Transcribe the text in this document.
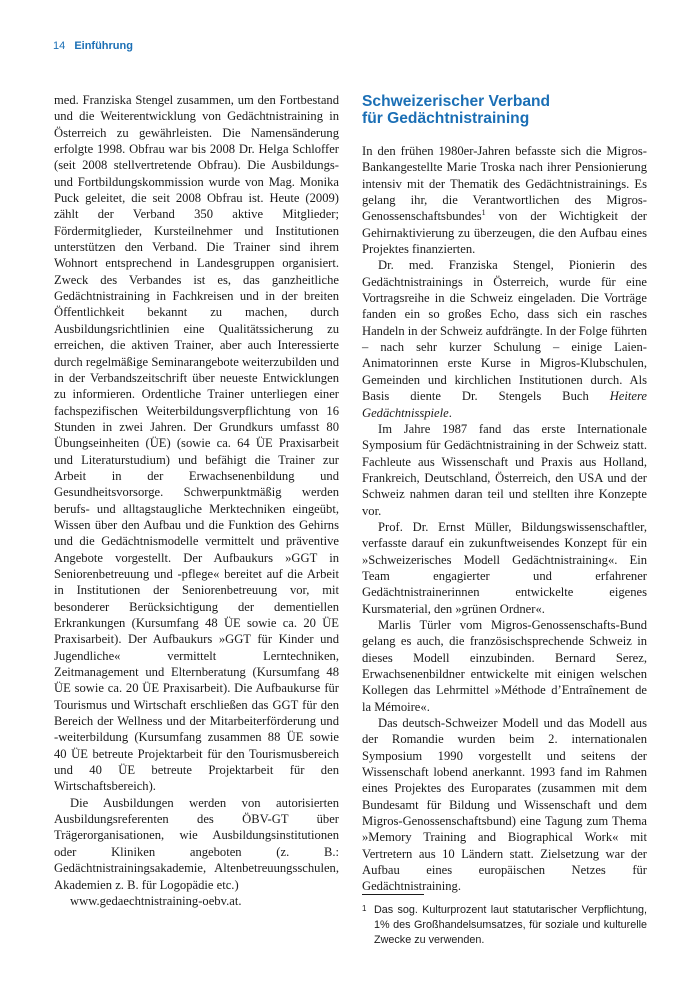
14 Einführung

med. Franziska Stengel zusammen, um den Fortbestand und die Weiterentwicklung von Gedächtnistraining in Österreich zu gewährleisten. Die Namensänderung erfolgte 1998. Obfrau war bis 2008 Dr. Helga Schloffer (seit 2008 stellvertretende Obfrau). Die Ausbildungs- und Fortbildungskommission wurde von Mag. Monika Puck geleitet, die seit 2008 Obfrau ist. Heute (2009) zählt der Verband 350 aktive Mitglieder; Fördermitglieder, Kursteilnehmer und Institutionen unterstützen den Verband. Die Trainer sind ihrem Wohnort entsprechend in Landesgruppen organisiert. Zweck des Verbandes ist es, das ganzheitliche Gedächtnistraining in Fachkreisen und in der breiten Öffentlichkeit bekannt zu machen, durch Ausbildungsrichtlinien eine Qualitätssicherung zu erreichen, die aktiven Trainer, aber auch Interessierte durch regelmäßige Seminarangebote weiterzubilden und in der Verbandszeitschrift über neueste Entwicklungen zu informieren. Ordentliche Trainer unterliegen einer fachspezifischen Weiterbildungsverpflichtung von 16 Stunden in zwei Jahren. Der Grundkurs umfasst 80 Übungseinheiten (ÜE) (sowie ca. 64 ÜE Praxisarbeit und Literaturstudium) und befähigt die Trainer zur Arbeit in der Erwachsenenbildung und Gesundheitsvorsorge. Schwerpunktmäßig werden berufs- und alltagstaugliche Merktechniken eingeübt, Wissen über den Aufbau und die Funktion des Gehirns und die Gedächtnismodelle vermittelt und präventive Angebote vorgestellt. Der Aufbaukurs »GGT in Seniorenbetreuung und -pflege« bereitet auf die Arbeit in Institutionen der Seniorenbetreuung vor, mit besonderer Berücksichtigung der dementiellen Erkrankungen (Kursumfang 48 ÜE sowie ca. 20 ÜE Praxisarbeit). Der Aufbaukurs »GGT für Kinder und Jugendliche« vermittelt Lerntechniken, Zeitmanagement und Elternberatung (Kursumfang 48 ÜE sowie ca. 20 ÜE Praxisarbeit). Die Aufbaukurse für Tourismus und Wirtschaft erschließen das GGT für den Bereich der Wellness und der Mitarbeiterförderung und -weiterbildung (Kursumfang zusammen 88 ÜE sowie 40 ÜE betreute Projektarbeit für den Tourismusbereich und 40 ÜE betreute Projektarbeit für den Wirtschaftsbereich).

Die Ausbildungen werden von autorisierten Ausbildungsreferenten des ÖBV-GT über Trägerorganisationen, wie Ausbildungsinstitutionen oder Kliniken angeboten (z. B.: Gedächtnistrainingsakademie, Altenbetreuungsschulen, Akademien z. B. für Logopädie etc.)

www.gedaechtnistraining-oebv.at.

Schweizerischer Verband
für Gedächtnistraining

In den frühen 1980er-Jahren befasste sich die Migros-Bankangestellte Marie Troska nach ihrer Pensionierung intensiv mit der Thematik des Gedächtnistrainings. Es gelang ihr, die Verantwortlichen des Migros-Genossenschaftsbundes$^1$ von der Wichtigkeit der Gehirnaktivierung zu überzeugen, die den Aufbau eines Projektes finanzierten.

Dr. med. Franziska Stengel, Pionierin des Gedächtnistrainings in Österreich, wurde für eine Vortragsreihe in die Schweiz eingeladen. Die Vorträge fanden ein so großes Echo, dass sich ein rasches Handeln in der Schweiz aufdrängte. In der Folge führten – nach sehr kurzer Schulung – einige Laien-Animatorinnen erste Kurse in Migros-Klubschulen, Gemeinden und kirchlichen Institutionen durch. Als Basis diente Dr. Stengels Buch Heitere Gedächtnisspiele.

Im Jahre 1987 fand das erste Internationale Symposium für Gedächtnistraining in der Schweiz statt. Fachleute aus Wissenschaft und Praxis aus Holland, Frankreich, Deutschland, Österreich, den USA und der Schweiz nahmen daran teil und stellten ihre Konzepte vor.

Prof. Dr. Ernst Müller, Bildungswissenschaftler, verfasste darauf ein zukunftweisendes Konzept für ein »Schweizerisches Modell Gedächtnistraining«. Ein Team engagierter und erfahrener Gedächtnistrainerinnen entwickelte eigenes Kursmaterial, den »grünen Ordner«.

Marlis Türler vom Migros-Genossenschafts-Bund gelang es auch, die französischsprechende Schweiz in dieses Modell einzubinden. Bernard Serez, Erwachsenenbildner entwickelte mit einigen welschen Kollegen das Lehrmittel »Méthode d’Entraînement de la Mémoire«.

Das deutsch-Schweizer Modell und das Modell aus der Romandie wurden beim 2. internationalen Symposium 1990 vorgestellt und seitens der Wissenschaft lobend anerkannt. 1993 fand im Rahmen eines Projektes des Europarates (zusammen mit dem Bundesamt für Bildung und Wissenschaft und dem Migros-Genossenschaftsbund) eine Tagung zum Thema »Memory Training and Biographical Work« mit Vertretern aus 10 Ländern statt. Zielsetzung war der Aufbau eines europäischen Netzes für Gedächtnistraining.

1 Das sog. Kulturprozent laut statutarischer Verpflichtung, 1% des Großhandelsumsatzes, für soziale und kulturelle Zwecke zu verwenden.
